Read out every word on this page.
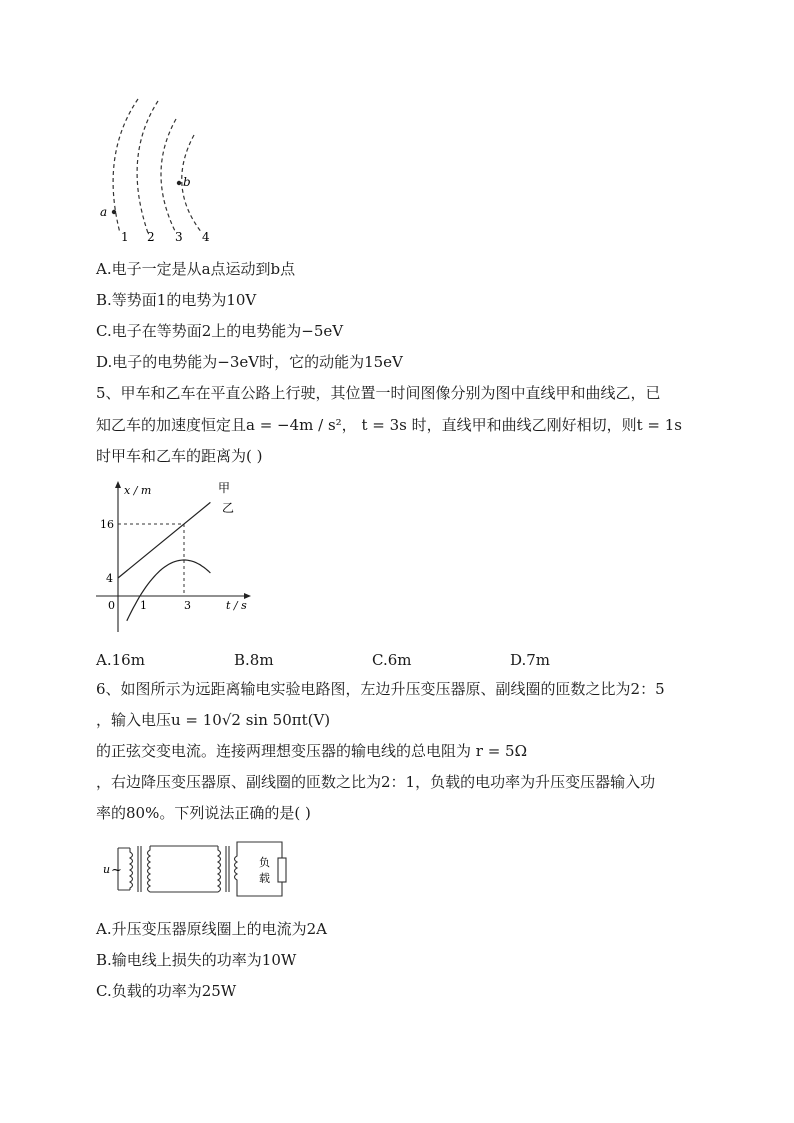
a
b
1 2 3 4
A.电子一定是从a点运动到b点
B.等势面1的电势为10V
C.电子在等势面2上的电势能为−5eV
D.电子的电势能为−3eV时，它的动能为15eV
5、甲车和乙车在平直公路上行驶，其位置一时间图像分别为图中直线甲和曲线乙，已
知乙车的加速度恒定且a = −4m / s²， t = 3s 时，直线甲和曲线乙刚好相切，则t = 1s
时甲车和乙车的距离为( )
x / m
t / s
0 1	3
4
16
甲
乙
A.16m	B.8m	C.6m	D.7m
6、如图所示为远距离输电实验电路图，左边升压变压器原、副线圈的匝数之比为2：5
，输入电压u = 10√2 sin 50πt(V)
的正弦交变电流。连接两理想变压器的输电线的总电阻为 r = 5Ω
，右边降压变压器原、副线圈的匝数之比为2：1，负载的电功率为升压变压器输入功
率的80%。下列说法正确的是( )
u ~
负
载
A.升压变压器原线圈上的电流为2A
B.输电线上损失的功率为10W
C.负载的功率为25W
